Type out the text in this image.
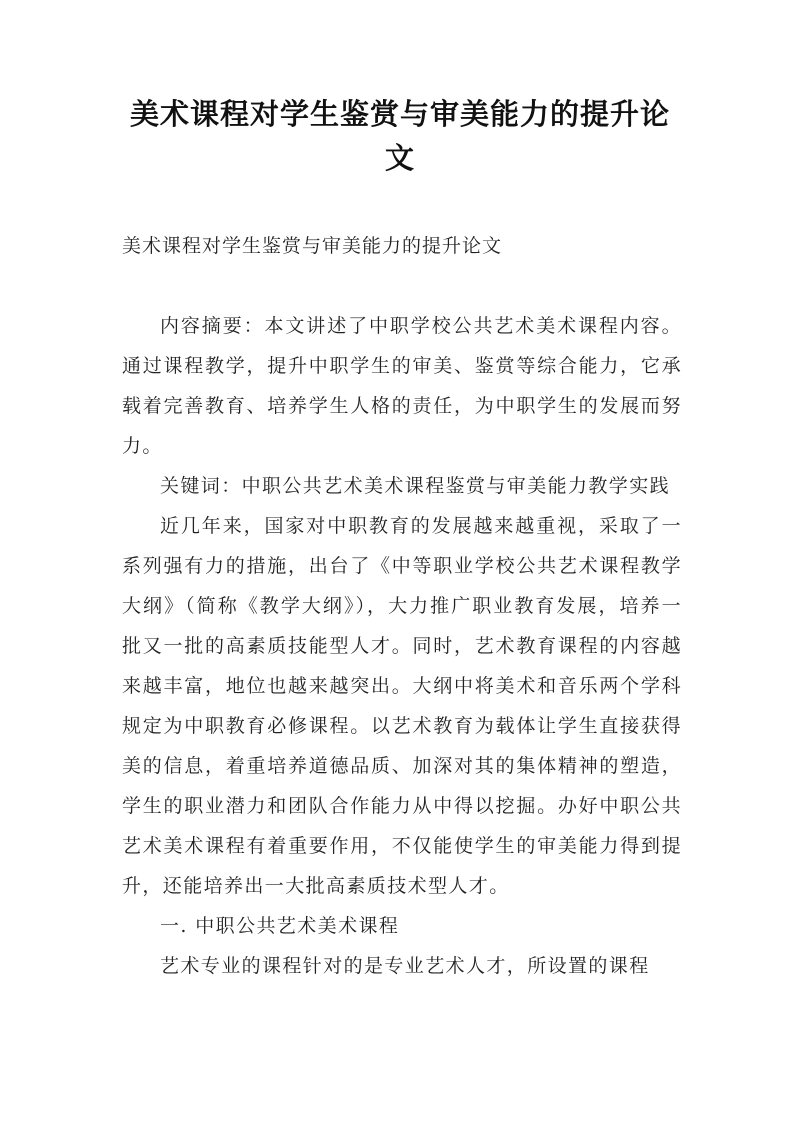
美术课程对学生鉴赏与审美能力的提升论文
美术课程对学生鉴赏与审美能力的提升论文

内容摘要：本文讲述了中职学校公共艺术美术课程内容。通过课程教学，提升中职学生的审美、鉴赏等综合能力，它承载着完善教育、培养学生人格的责任，为中职学生的发展而努力。

关键词：中职公共艺术美术课程鉴赏与审美能力教学实践

近几年来，国家对中职教育的发展越来越重视，采取了一系列强有力的措施，出台了《中等职业学校公共艺术课程教学大纲》（简称《教学大纲》），大力推广职业教育发展，培养一批又一批的高素质技能型人才。同时，艺术教育课程的内容越来越丰富，地位也越来越突出。大纲中将美术和音乐两个学科规定为中职教育必修课程。以艺术教育为载体让学生直接获得美的信息，着重培养道德品质、加深对其的集体精神的塑造，学生的职业潜力和团队合作能力从中得以挖掘。办好中职公共艺术美术课程有着重要作用，不仅能使学生的审美能力得到提升，还能培养出一大批高素质技术型人才。

一. 中职公共艺术美术课程

艺术专业的课程针对的是专业艺术人才，所设置的课程
